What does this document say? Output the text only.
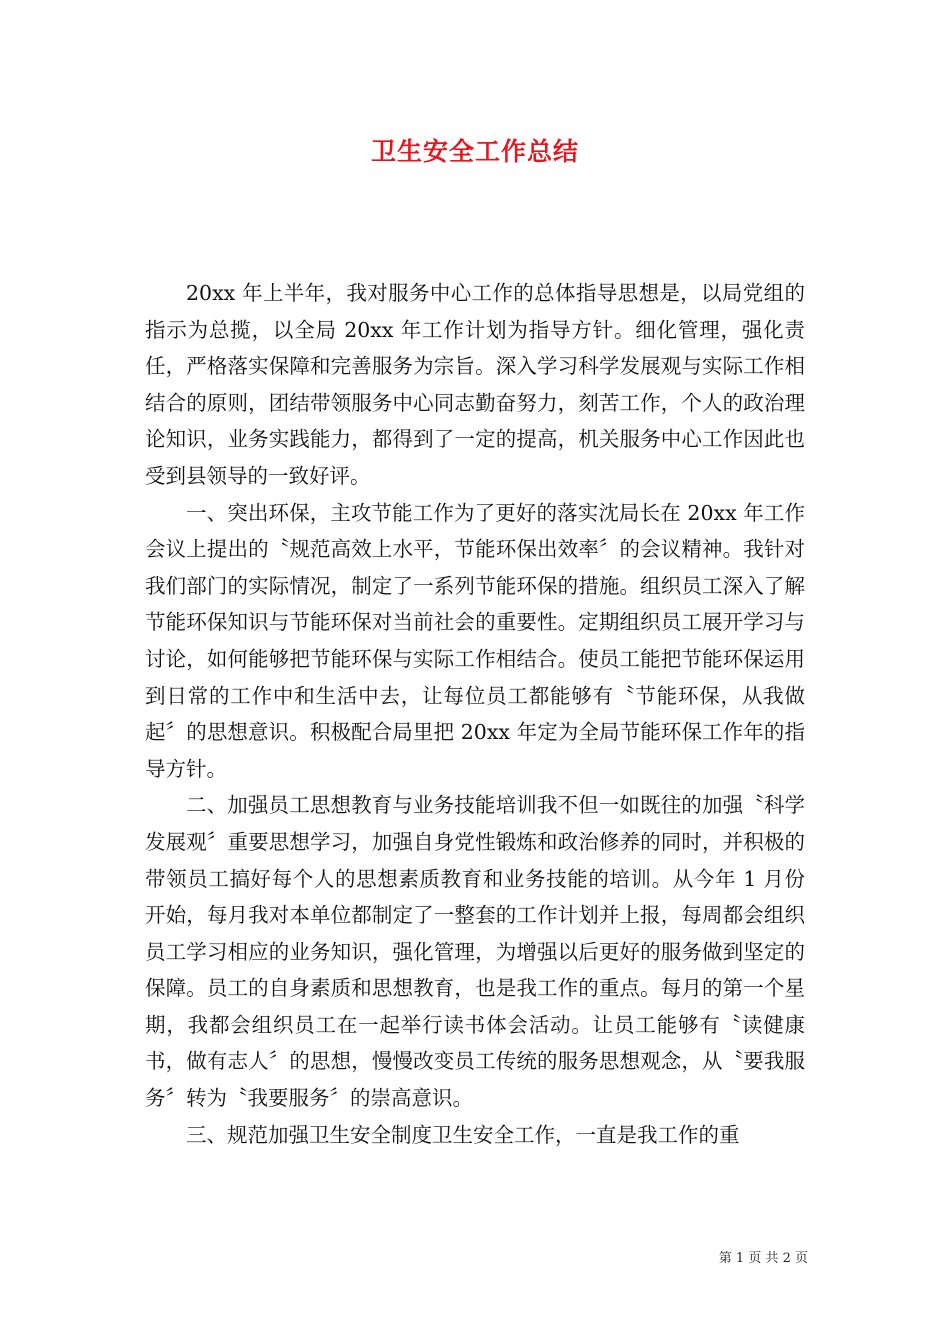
卫生安全工作总结

20xx 年上半年，我对服务中心工作的总体指导思想是，以局党组的指示为总揽，以全局 20xx 年工作计划为指导方针。细化管理，强化责任，严格落实保障和完善服务为宗旨。深入学习科学发展观与实际工作相结合的原则，团结带领服务中心同志勤奋努力，刻苦工作，个人的政治理论知识，业务实践能力，都得到了一定的提高，机关服务中心工作因此也受到县领导的一致好评。

一、突出环保，主攻节能工作为了更好的落实沈局长在 20xx 年工作会议上提出的〝规范高效上水平，节能环保出效率〞的会议精神。我针对我们部门的实际情况，制定了一系列节能环保的措施。组织员工深入了解节能环保知识与节能环保对当前社会的重要性。定期组织员工展开学习与讨论，如何能够把节能环保与实际工作相结合。使员工能把节能环保运用到日常的工作中和生活中去，让每位员工都能够有〝节能环保，从我做起〞的思想意识。积极配合局里把 20xx 年定为全局节能环保工作年的指导方针。

二、加强员工思想教育与业务技能培训我不但一如既往的加强〝科学发展观〞重要思想学习，加强自身党性锻炼和政治修养的同时，并积极的带领员工搞好每个人的思想素质教育和业务技能的培训。从今年 1 月份开始，每月我对本单位都制定了一整套的工作计划并上报，每周都会组织员工学习相应的业务知识，强化管理，为增强以后更好的服务做到坚定的保障。员工的自身素质和思想教育，也是我工作的重点。每月的第一个星期，我都会组织员工在一起举行读书体会活动。让员工能够有〝读健康书，做有志人〞的思想，慢慢改变员工传统的服务思想观念，从〝要我服务〞转为〝我要服务〞的崇高意识。

三、规范加强卫生安全制度卫生安全工作，一直是我工作的重

第 1 页 共 2 页
